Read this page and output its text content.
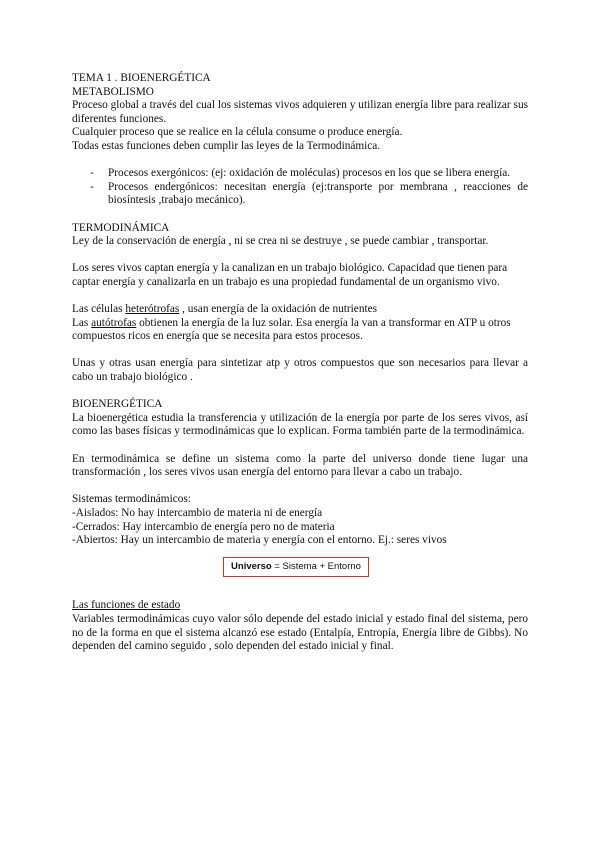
TEMA 1 . BIOENERGÉTICA

METABOLISMO

Proceso global a través del cual los sistemas vivos adquieren y utilizan energía libre para realizar sus diferentes funciones.

Cualquier proceso que se realice en la célula consume o produce energía.

Todas estas funciones deben cumplir las leyes de la Termodinámica.

- Procesos exergónicos: (ej: oxidación de moléculas) procesos en los que se libera energía.
- Procesos endergónicos: necesitan energía (ej:transporte por membrana , reacciones de biosíntesis ,trabajo mecánico).

TERMODINÁMICA

Ley de la conservación de energía , ni se crea ni se destruye , se puede cambiar , transportar.

Los seres vivos captan energía y la canalizan en un trabajo biológico. Capacidad que tienen para captar energía y canalizarla en un trabajo es una propiedad fundamental de un organismo vivo.

Las células heterótrofas , usan energía de la oxidación de nutrientes

Las autótrofas obtienen la energía de la luz solar. Esa energía la van a transformar en ATP u otros compuestos ricos en energía que se necesita para estos procesos.

Unas y otras usan energía para sintetizar atp y otros compuestos que son necesarios para llevar a cabo un trabajo biológico .

BIOENERGÉTICA

La bioenergética estudia la transferencia y utilización de la energía por parte de los seres vivos, así como las bases físicas y termodinámicas que lo explican. Forma también parte de la termodinámica.

En termodinámica se define un sistema como la parte del universo donde tiene lugar una transformación , los seres vivos usan energía del entorno para llevar a cabo un trabajo.

Sistemas termodinámicos:

-Aislados: No hay intercambio de materia ni de energía

-Cerrados: Hay intercambio de energía pero no de materia

-Abiertos: Hay un intercambio de materia y energía con el entorno. Ej.: seres vivos

Universo = Sistema + Entorno

Las funciones de estado

Variables termodinámicas cuyo valor sólo depende del estado inicial y estado final del sistema, pero no de la forma en que el sistema alcanzó ese estado (Entalpía, Entropía, Energía libre de Gibbs). No dependen del camino seguido , solo dependen del estado inicial y final.
